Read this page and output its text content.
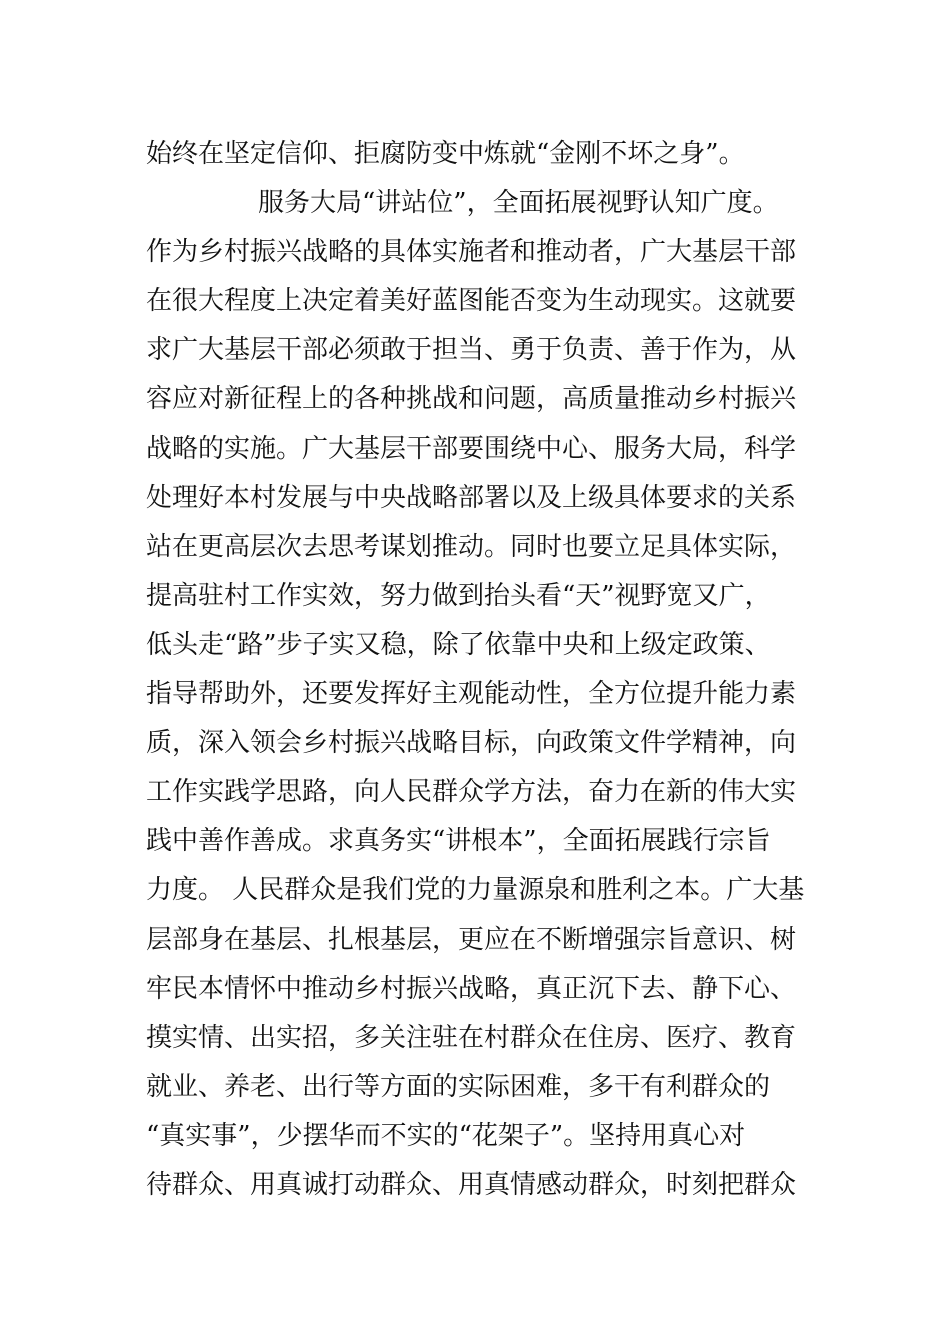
始终在坚定信仰、拒腐防变中炼就“金刚不坏之身”。
服务大局“讲站位”，全面拓展视野认知广度。
作为乡村振兴战略的具体实施者和推动者，广大基层干部
在很大程度上决定着美好蓝图能否变为生动现实。这就要
求广大基层干部必须敢于担当、勇于负责、善于作为，从
容应对新征程上的各种挑战和问题，高质量推动乡村振兴
战略的实施。广大基层干部要围绕中心、服务大局，科学
处理好本村发展与中央战略部署以及上级具体要求的关系
站在更高层次去思考谋划推动。同时也要立足具体实际，
提高驻村工作实效，努力做到抬头看“天”视野宽又广，
低头走“路”步子实又稳，除了依靠中央和上级定政策、
指导帮助外，还要发挥好主观能动性，全方位提升能力素
质，深入领会乡村振兴战略目标，向政策文件学精神，向
工作实践学思路，向人民群众学方法，奋力在新的伟大实
践中善作善成。求真务实“讲根本”，全面拓展践行宗旨
力度。 人民群众是我们党的力量源泉和胜利之本。广大基
层部身在基层、扎根基层，更应在不断增强宗旨意识、树
牢民本情怀中推动乡村振兴战略，真正沉下去、静下心、
摸实情、出实招，多关注驻在村群众在住房、医疗、教育
就业、养老、出行等方面的实际困难，多干有利群众的
“真实事”，少摆华而不实的“花架子”。坚持用真心对
待群众、用真诚打动群众、用真情感动群众，时刻把群众
